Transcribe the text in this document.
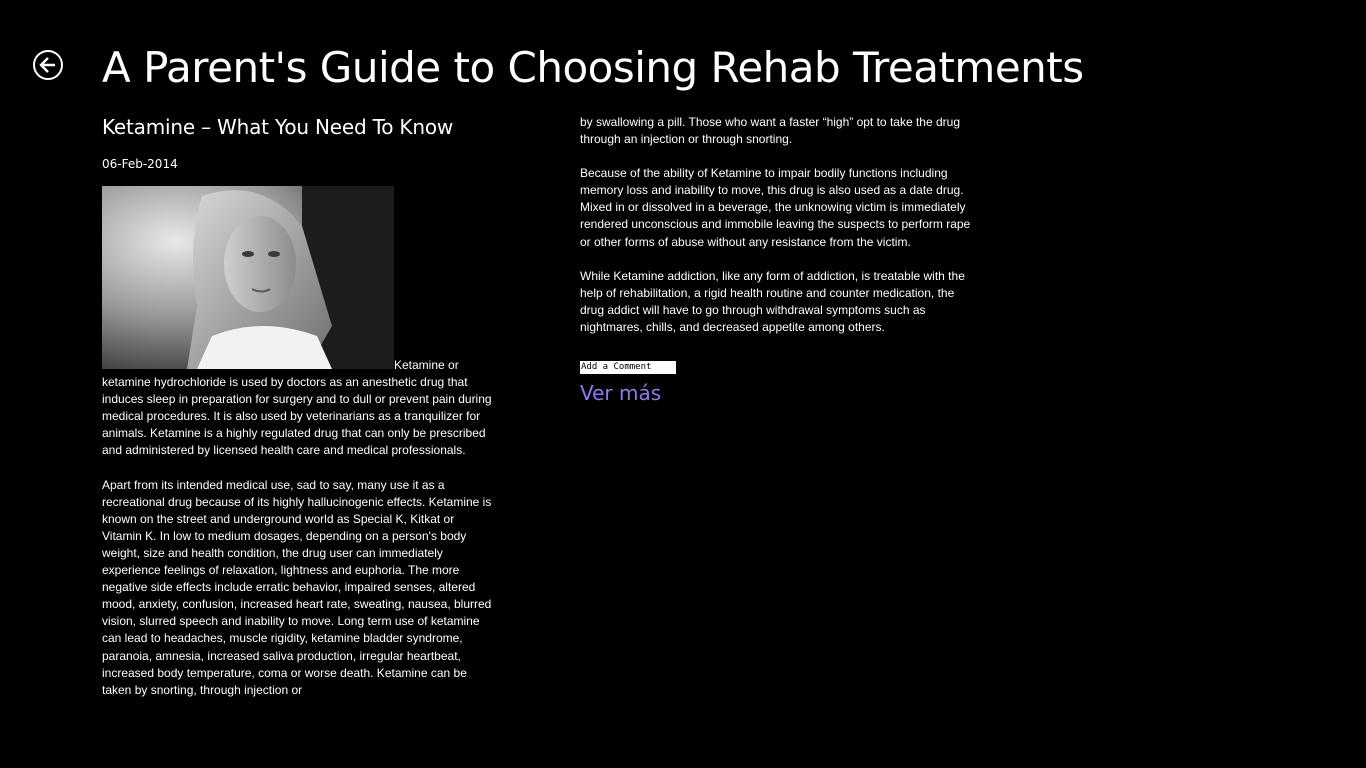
A Parent's Guide to Choosing Rehab Treatments
Ketamine – What You Need To Know
06-Feb-2014

Ketamine or ketamine hydrochloride is used by doctors as an anesthetic drug that induces sleep in preparation for surgery and to dull or prevent pain during medical procedures. It is also used by veterinarians as a tranquilizer for animals. Ketamine is a highly regulated drug that can only be prescribed and administered by licensed health care and medical professionals.

Apart from its intended medical use, sad to say, many use it as a recreational drug because of its highly hallucinogenic effects. Ketamine is known on the street and underground world as Special K, Kitkat or Vitamin K. In low to medium dosages, depending on a person's body weight, size and health condition, the drug user can immediately experience feelings of relaxation, lightness and euphoria. The more negative side effects include erratic behavior, impaired senses, altered mood, anxiety, confusion, increased heart rate, sweating, nausea, blurred vision, slurred speech and inability to move. Long term use of ketamine can lead to headaches, muscle rigidity, ketamine bladder syndrome, paranoia, amnesia, increased saliva production, irregular heartbeat, increased body temperature, coma or worse death. Ketamine can be taken by snorting, through injection or

by swallowing a pill. Those who want a faster “high” opt to take the drug through an injection or through snorting.

Because of the ability of Ketamine to impair bodily functions including memory loss and inability to move, this drug is also used as a date drug. Mixed in or dissolved in a beverage, the unknowing victim is immediately rendered unconscious and immobile leaving the suspects to perform rape or other forms of abuse without any resistance from the victim.

While Ketamine addiction, like any form of addiction, is treatable with the help of rehabilitation, a rigid health routine and counter medication, the drug addict will have to go through withdrawal symptoms such as nightmares, chills, and decreased appetite among others.

Add a Comment
Ver más
